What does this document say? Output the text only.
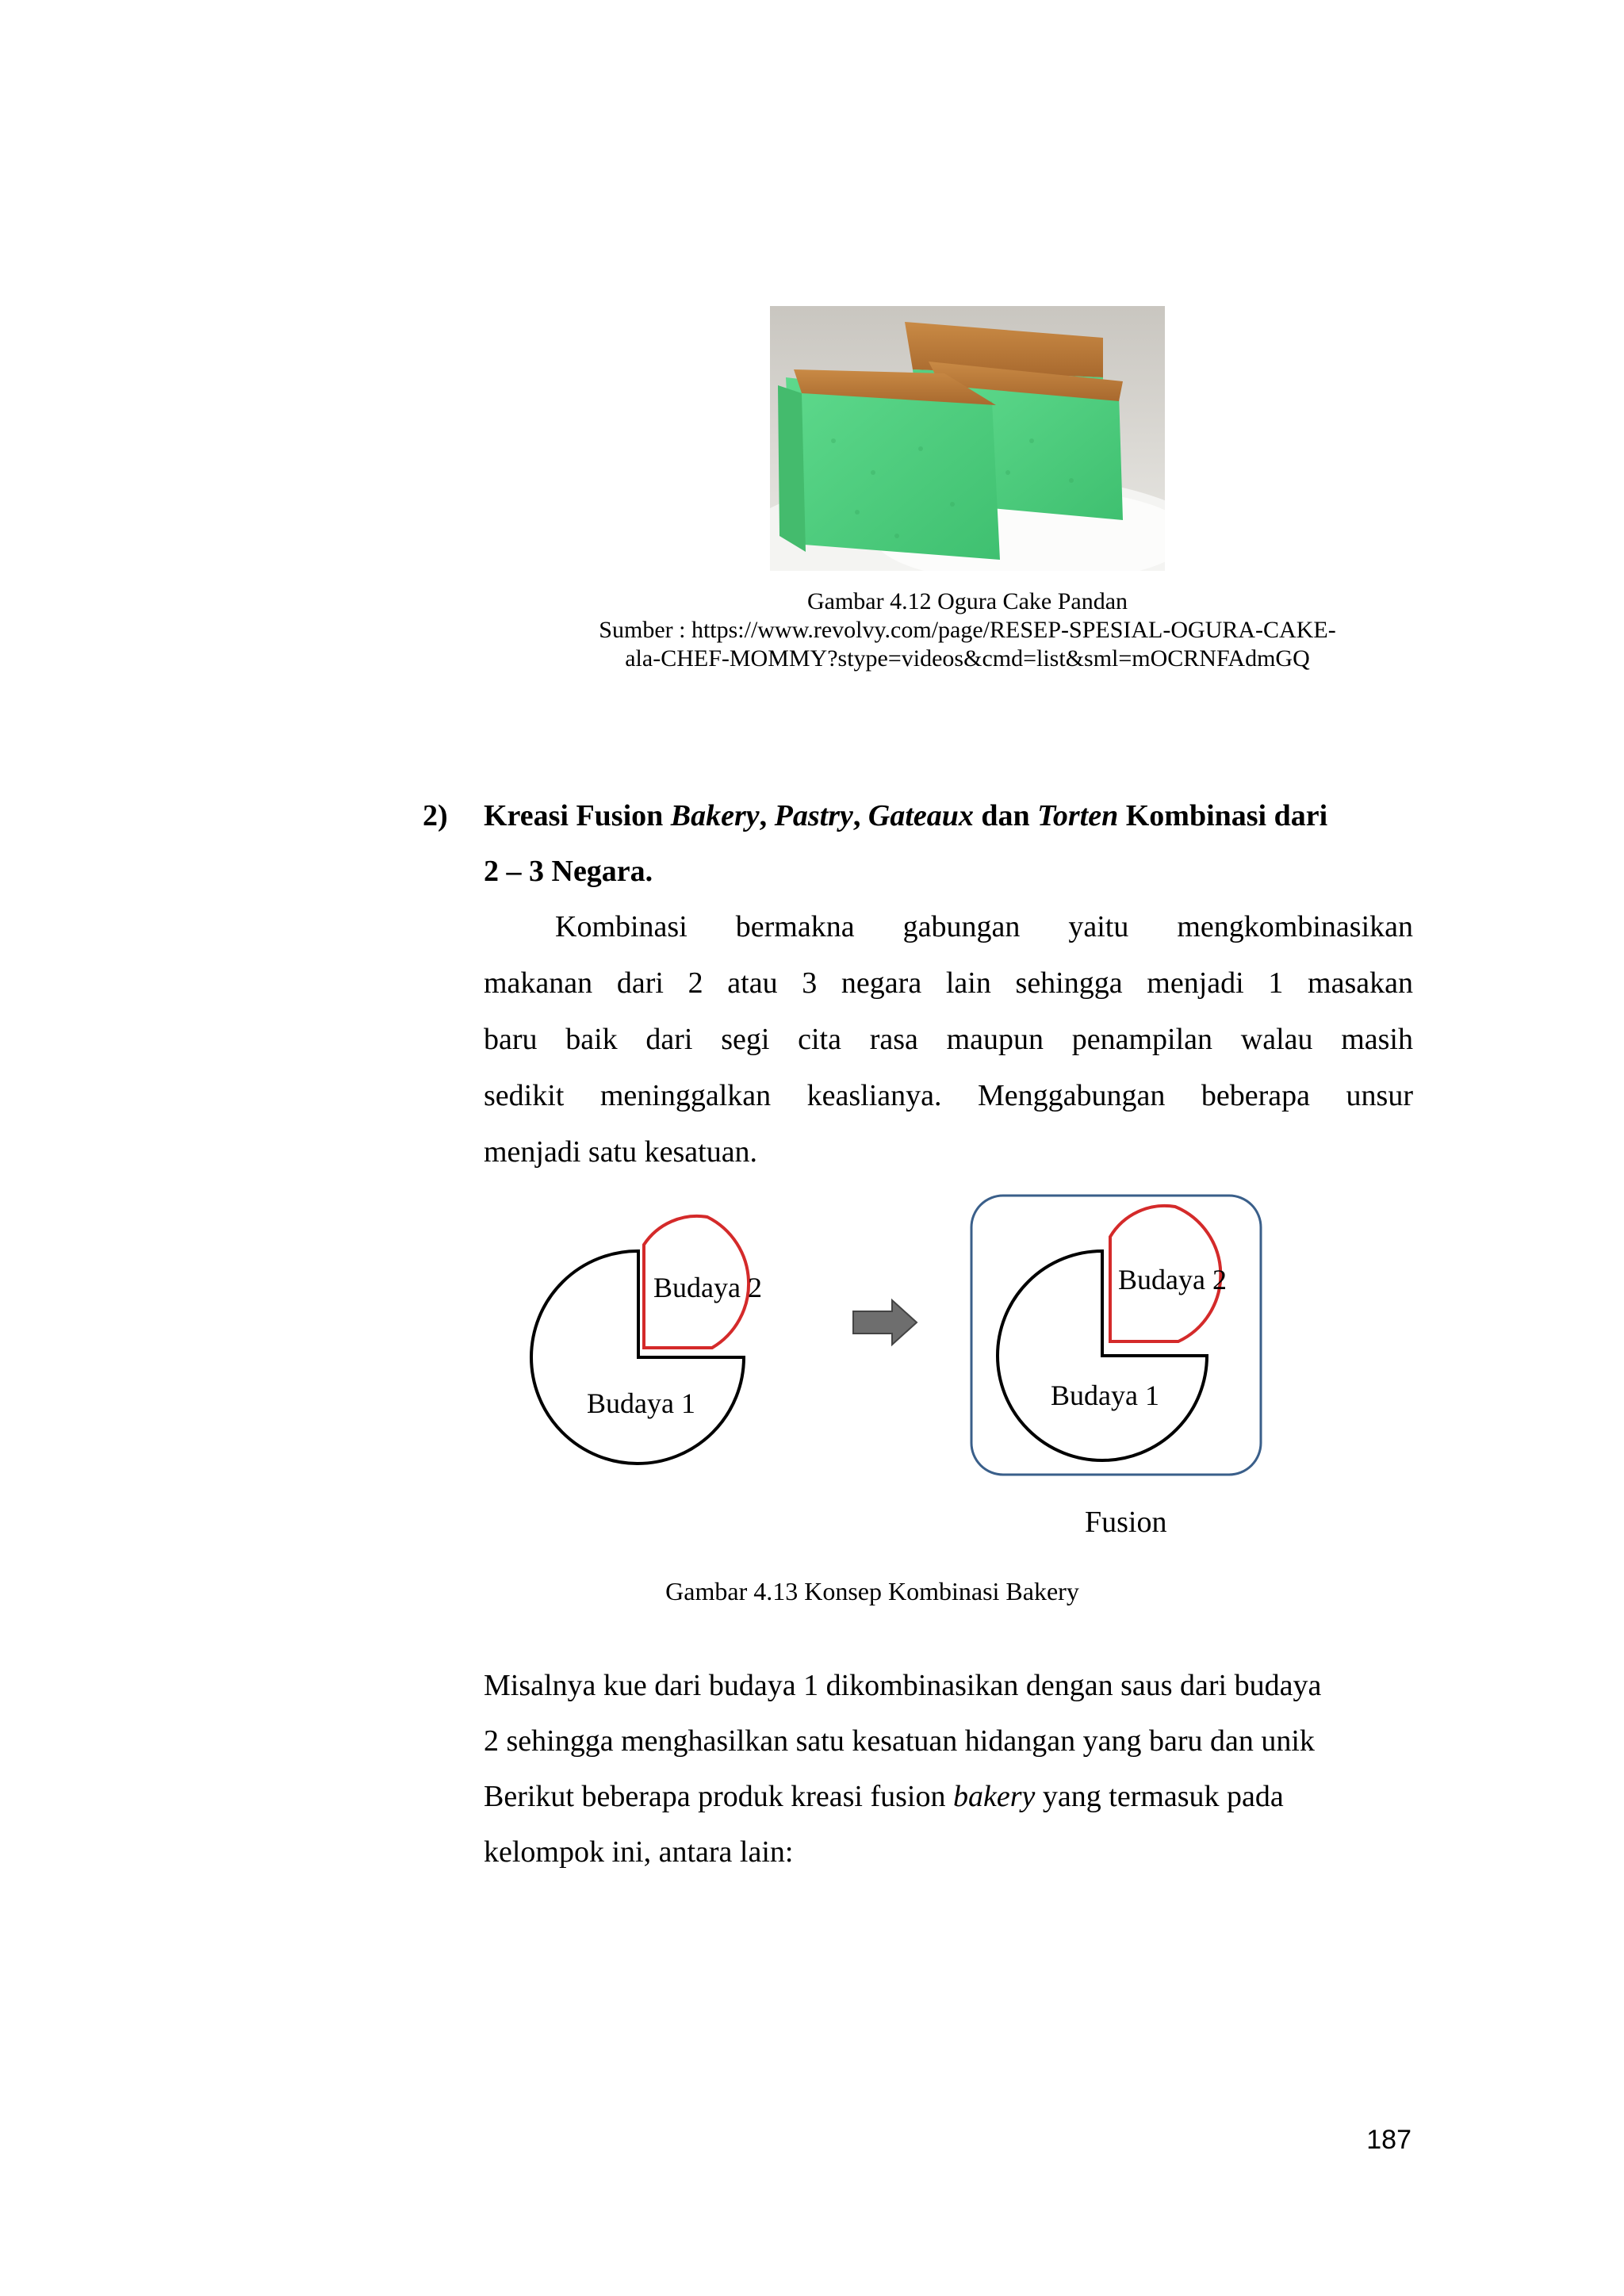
Gambar 4.12 Ogura Cake Pandan
Sumber : https://www.revolvy.com/page/RESEP-SPESIAL-OGURA-CAKE-
ala-CHEF-MOMMY?stype=videos&cmd=list&sml=mOCRNFAdmGQ
2) Kreasi Fusion Bakery, Pastry, Gateaux dan Torten Kombinasi dari
2 – 3 Negara.
Kombinasi bermakna gabungan yaitu mengkombinasikan
makanan dari 2 atau 3 negara lain sehingga menjadi 1 masakan
baru baik dari segi cita rasa maupun penampilan walau masih
sedikit meninggalkan keaslianya. Menggabungan beberapa unsur
menjadi satu kesatuan.
Budaya 2
Budaya 1
Budaya 2
Budaya 1
Fusion
Gambar 4.13 Konsep Kombinasi Bakery
Misalnya kue dari budaya 1 dikombinasikan dengan saus dari budaya
2 sehingga menghasilkan satu kesatuan hidangan yang baru dan unik
Berikut beberapa produk kreasi fusion bakery yang termasuk pada
kelompok ini, antara lain:
187
